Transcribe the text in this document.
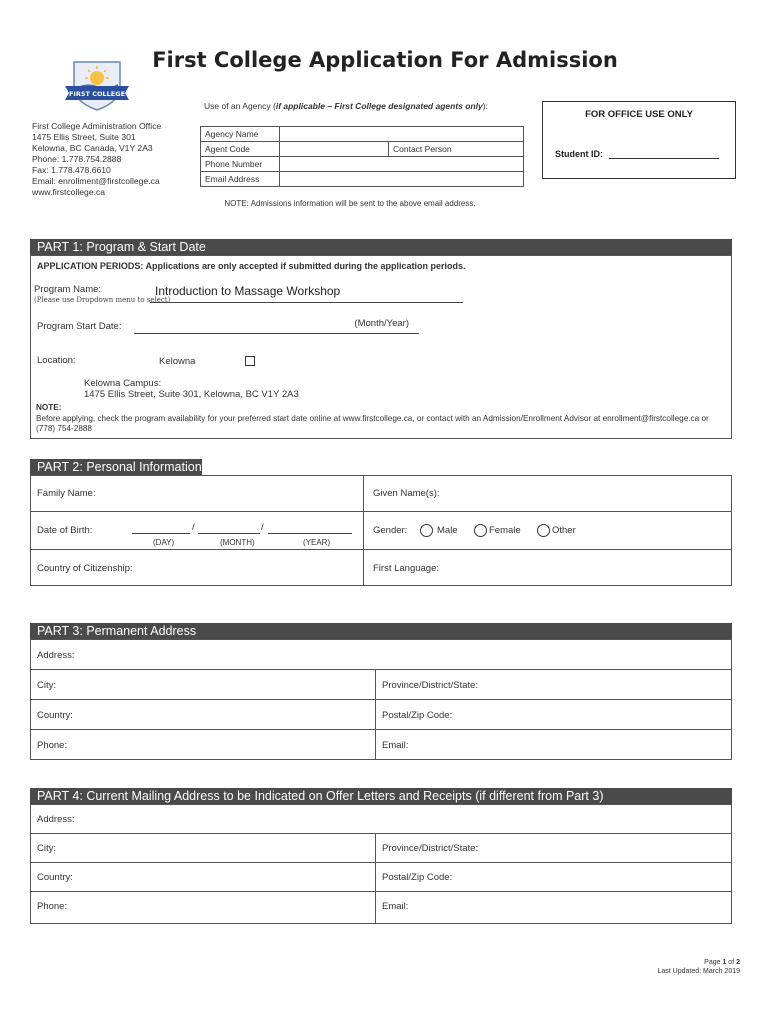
First College Application For Admission
FIRST COLLEGE
Use of an Agency (if applicable – First College designated agents only):
First College Administration Office
1475 Ellis Street, Suite 301
Kelowna, BC Canada, V1Y 2A3
Phone: 1.778.754.2888
Fax: 1.778.478.6610
Email: enrollment@firstcollege.ca
www.firstcollege.ca
Agency Name		
Agent Code		Contact Person
Phone Number		
Email Address		
FOR OFFICE USE ONLY
Student ID:
NOTE: Admissions information will be sent to the above email address.
PART 1: Program & Start Date
APPLICATION PERIODS: Applications are only accepted if submitted during the application periods.
Program Name:
(Please use Dropdown menu to select)
Introduction to Massage Workshop
Program Start Date:	(Month/Year)
Location:	Kelowna
Kelowna Campus:
1475 Ellis Street, Suite 301, Kelowna, BC V1Y 2A3
NOTE:
Before applying, check the program availability for your preferred start date online at www.firstcollege.ca, or contact with an Admission/Enrollment Advisor at enrollment@firstcollege.ca or (778) 754-2888
PART 2: Personal Information
Family Name:	Given Name(s):
Date of Birth:	/	/
(DAY)	(MONTH)	(YEAR)
Gender:	Male	Female	Other
Country of Citizenship:	First Language:
PART 3: Permanent Address
Address:
City:	Province/District/State:
Country:	Postal/Zip Code:
Phone:	Email:
PART 4: Current Mailing Address to be Indicated on Offer Letters and Receipts (if different from Part 3)
Address:
City:	Province/District/State:
Country:	Postal/Zip Code:
Phone:	Email:
Page 1 of 2
Last Updated: March 2019
